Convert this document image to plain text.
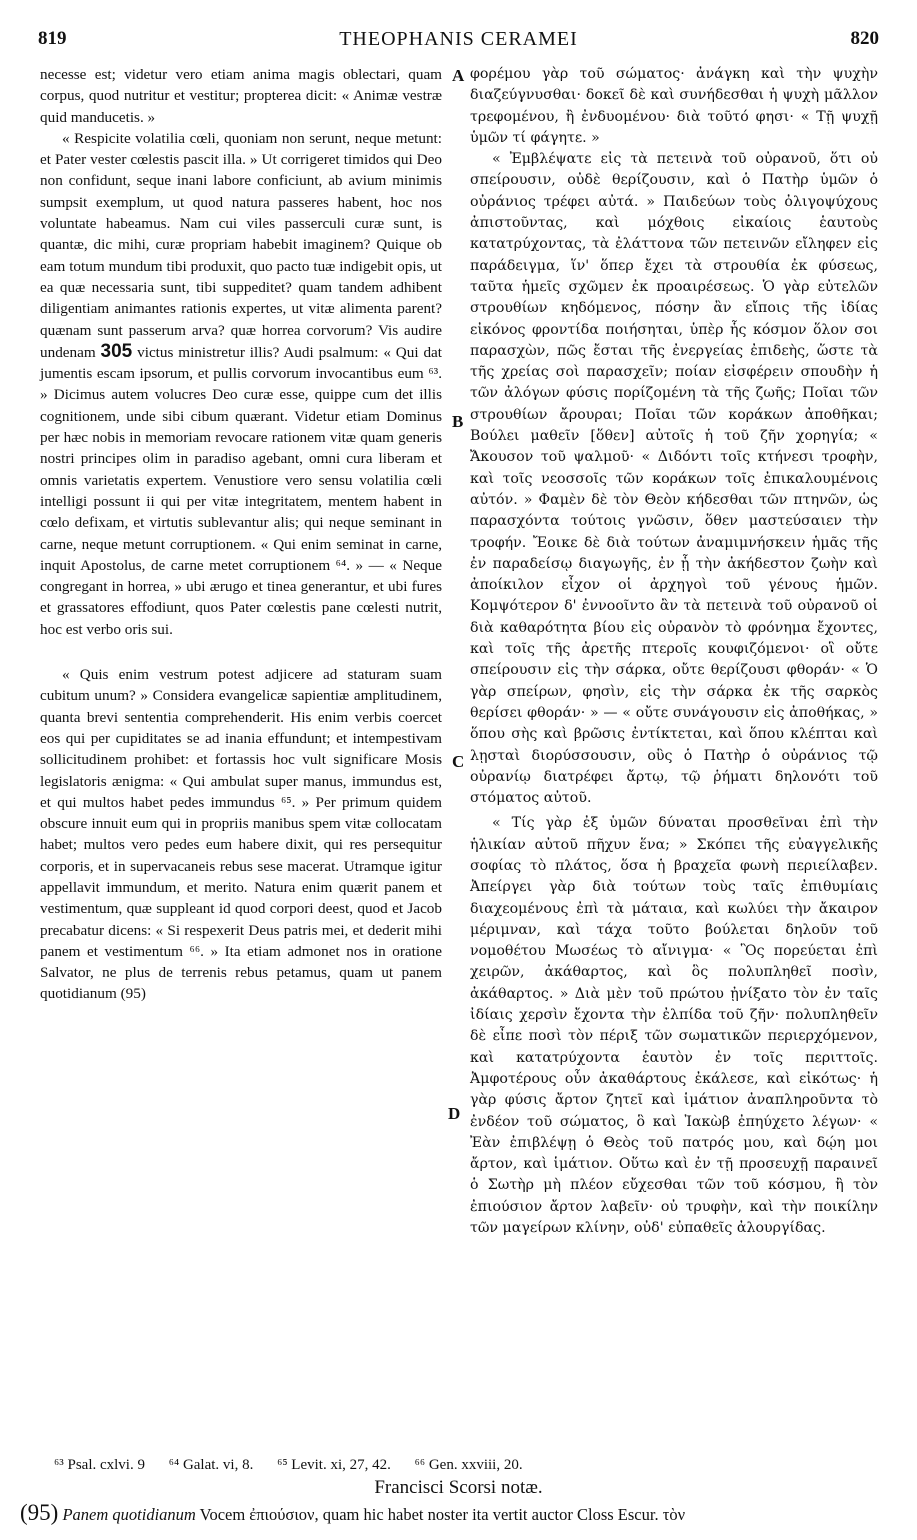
819	THEOPHANIS CERAMEI	820

necesse est; videtur vero etiam anima magis oblectari, quam corpus, quod nutritur et vestitur; propterea dicit: « Animæ vestræ quid manducetis. »

« Respicite volatilia cœli, quoniam non serunt, neque metunt: et Pater vester cœlestis pascit illa. » Ut corrigeret timidos qui Deo non confidunt, seque inani labore conficiunt, ab avium minimis sumpsit exemplum, ut quod natura passeres habent, hoc nos voluntate habeamus. Nam cui viles passerculi curæ sunt, is quantæ, dic mihi, curæ propriam habebit imaginem? Quique ob eam totum mundum tibi produxit, quo pacto tuæ indigebit opis, ut ea quæ necessaria sunt, tibi suppeditet? quam tandem adhibent diligentiam animantes rationis expertes, ut vitæ alimenta parent? quænam sunt passerum arva? quæ horrea corvorum? Vis audire undenam 305 victus ministretur illis? Audi psalmum: « Qui dat jumentis escam ipsorum, et pullis corvorum invocantibus eum ⁶³. » Dicimus autem volucres Deo curæ esse, quippe cum det illis cognitionem, unde sibi cibum quærant. Videtur etiam Dominus per hæc nobis in memoriam revocare rationem vitæ quam generis nostri principes olim in paradiso agebant, omni cura liberam et omnis varietatis expertem. Venustiore vero sensu volatilia cœli intelligi possunt ii qui per vitæ integritatem, mentem habent in cœlo defixam, et virtutis sublevantur alis; qui neque seminant in carne, neque metunt corruptionem. « Qui enim seminat in carne, inquit Apostolus, de carne metet corruptionem ⁶⁴. » — « Neque congregant in horrea, » ubi ærugo et tinea generantur, et ubi fures et grassatores effodiunt, quos Pater cœlestis pane cœlesti nutrit, hoc est verbo oris sui.

« Quis enim vestrum potest adjicere ad staturam suam cubitum unum? » Considera evangelicæ sapientiæ amplitudinem, quanta brevi sententia comprehenderit. His enim verbis coercet eos qui per cupiditates se ad inania effundunt; et intempestivam sollicitudinem prohibet: et fortassis hoc vult significare Mosis legislatoris ænigma: « Qui ambulat super manus, immundus est, et qui multos habet pedes immundus ⁶⁵. » Per primum quidem obscure innuit eum qui in propriis manibus spem vitæ collocatam habet; multos vero pedes eum habere dixit, qui res persequitur corporis, et in supervacaneis rebus sese macerat. Utramque igitur appellavit immundum, et merito. Natura enim quærit panem et vestimentum, quæ suppleant id quod corpori deest, quod et Jacob precabatur dicens: « Si respexerit Deus patris mei, et dederit mihi panem et vestimentum ⁶⁶. » Ita etiam admonet nos in oratione Salvator, ne plus de terrenis rebus petamus, quam ut panem quotidianum (95)

φορέμου γὰρ τοῦ σώματος· ἀνάγκη καὶ τὴν ψυχὴν διαζεύγνυσθαι· δοκεῖ δὲ καὶ συνήδεσθαι ἡ ψυχὴ μᾶλλον τρεφομένου, ἢ ἐνδυομένου· διὰ τοῦτό φησι· « Τῇ ψυχῇ ὑμῶν τί φάγητε. »

« Ἐμβλέψατε εἰς τὰ πετεινὰ τοῦ οὐρανοῦ, ὅτι οὐ σπείρουσιν, οὐδὲ θερίζουσιν, καὶ ὁ Πατὴρ ὑμῶν ὁ οὐράνιος τρέφει αὐτά. » Παιδεύων τοὺς ὀλιγοψύχους ἀπιστοῦντας, καὶ μόχθοις εἰκαίοις ἑαυτοὺς κατατρύχοντας, τὰ ἐλάττονα τῶν πετεινῶν εἴληφεν εἰς παράδειγμα, ἵν' ὅπερ ἔχει τὰ στρουθία ἐκ φύσεως, ταῦτα ἡμεῖς σχῶμεν ἐκ προαιρέσεως. Ὁ γὰρ εὐτελῶν στρουθίων κηδόμενος, πόσην ἂν εἴποις τῆς ἰδίας εἰκόνος φροντίδα ποιήσηται, ὑπὲρ ἧς κόσμον ὅλον σοι παρασχὼν, πῶς ἔσται τῆς ἐνεργείας ἐπιδεὴς, ὥστε τὰ τῆς χρείας σοὶ παρασχεῖν; ποίαν εἰσφέρειν σπουδὴν ἡ τῶν ἀλόγων φύσις πορίζομένη τὰ τῆς ζωῆς; Ποῖαι τῶν στρουθίων ἄρουραι; Ποῖαι τῶν κοράκων ἀποθῆκαι; Βούλει μαθεῖν [ὅθεν] αὐτοῖς ἡ τοῦ ζῆν χορηγία; « Ἄκουσον τοῦ ψαλμοῦ· « Διδόντι τοῖς κτήνεσι τροφὴν, καὶ τοῖς νεοσσοῖς τῶν κοράκων τοῖς ἐπικαλουμένοις αὐτόν. » Φαμὲν δὲ τὸν Θεὸν κήδεσθαι τῶν πτηνῶν, ὡς παρασχόντα τούτοις γνῶσιν, ὅθεν μαστεύσαιεν τὴν τροφήν. Ἔοικε δὲ διὰ τούτων ἀναμιμνήσκειν ἡμᾶς τῆς ἐν παραδείσῳ διαγωγῆς, ἐν ᾗ τὴν ἀκήδεστον ζωὴν καὶ ἀποίκιλον εἶχον οἱ ἀρχηγοὶ τοῦ γένους ἡμῶν. Κομψότερον δ' ἐννοοῖντο ἂν τὰ πετεινὰ τοῦ οὐρανοῦ οἱ διὰ καθαρότητα βίου εἰς οὐρανὸν τὸ φρόνημα ἔχοντες, καὶ τοῖς τῆς ἀρετῆς πτεροῖς κουφιζόμενοι· οἳ οὔτε σπείρουσιν εἰς τὴν σάρκα, οὔτε θερίζουσι φθοράν· « Ὁ γὰρ σπείρων, φησὶν, εἰς τὴν σάρκα ἐκ τῆς σαρκὸς θερίσει φθοράν· » — « οὔτε συνάγουσιν εἰς ἀποθήκας, » ὅπου σὴς καὶ βρῶσις ἐντίκτεται, καὶ ὅπου κλέπται καὶ λῃσταὶ διορύσσουσιν, οὓς ὁ Πατὴρ ὁ οὐράνιος τῷ οὐρανίῳ διατρέφει ἄρτῳ, τῷ ῥήματι δηλονότι τοῦ στόματος αὐτοῦ.

« Τίς γὰρ ἐξ ὑμῶν δύναται προσθεῖναι ἐπὶ τὴν ἡλικίαν αὐτοῦ πῆχυν ἕνα; » Σκόπει τῆς εὐαγγελικῆς σοφίας τὸ πλάτος, ὅσα ἡ βραχεῖα φωνὴ περιείλαβεν. Ἀπείργει γὰρ διὰ τούτων τοὺς ταῖς ἐπιθυμίαις διαχεομένους ἐπὶ τὰ μάταια, καὶ κωλύει τὴν ἄκαιρον μέριμναν, καὶ τάχα τοῦτο βούλεται δηλοῦν τοῦ νομοθέτου Μωσέως τὸ αἴνιγμα· « Ὃς πορεύεται ἐπὶ χειρῶν, ἀκάθαρτος, καὶ ὃς πολυπληθεῖ ποσὶν, ἀκάθαρτος. » Διὰ μὲν τοῦ πρώτου ᾐνίξατο τὸν ἐν ταῖς ἰδίαις χερσὶν ἔχοντα τὴν ἐλπίδα τοῦ ζῆν· πολυπληθεῖν δὲ εἶπε ποσὶ τὸν πέριξ τῶν σωματικῶν περιερχόμενον, καὶ κατατρύχοντα ἑαυτὸν ἐν τοῖς περιττοῖς. Ἀμφοτέρους οὖν ἀκαθάρτους ἐκάλεσε, καὶ εἰκότως· ἡ γὰρ φύσις ἄρτον ζητεῖ καὶ ἱμάτιον ἀναπληροῦντα τὸ ἐνδέον τοῦ σώματος, ὃ καὶ Ἰακὼβ ἐπηύχετο λέγων· « Ἐὰν ἐπιβλέψῃ ὁ Θεὸς τοῦ πατρός μου, καὶ δῴη μοι ἄρτον, καὶ ἱμάτιον. Οὕτω καὶ ἐν τῇ προσευχῇ παραινεῖ ὁ Σωτὴρ μὴ πλέον εὔχεσθαι τῶν τοῦ κόσμου, ἢ τὸν ἐπιούσιον ἄρτον λαβεῖν· οὐ τρυφὴν, καὶ τὴν ποικίλην τῶν μαγείρων κλίνην, οὐδ' εὐπαθεῖς ἀλουργίδας.

A
B
C
D
⁶³ Psal. cxlvi. 9 ⁶⁴ Galat. vi, 8. ⁶⁵ Levit. xi, 27, 42. ⁶⁶ Gen. xxviii, 20.
Francisci Scorsi notæ.
(95) Panem quotidianum Vocem ἐπιούσιον, quam hic habet noster ita vertit auctor Closs Escur. τὸν
